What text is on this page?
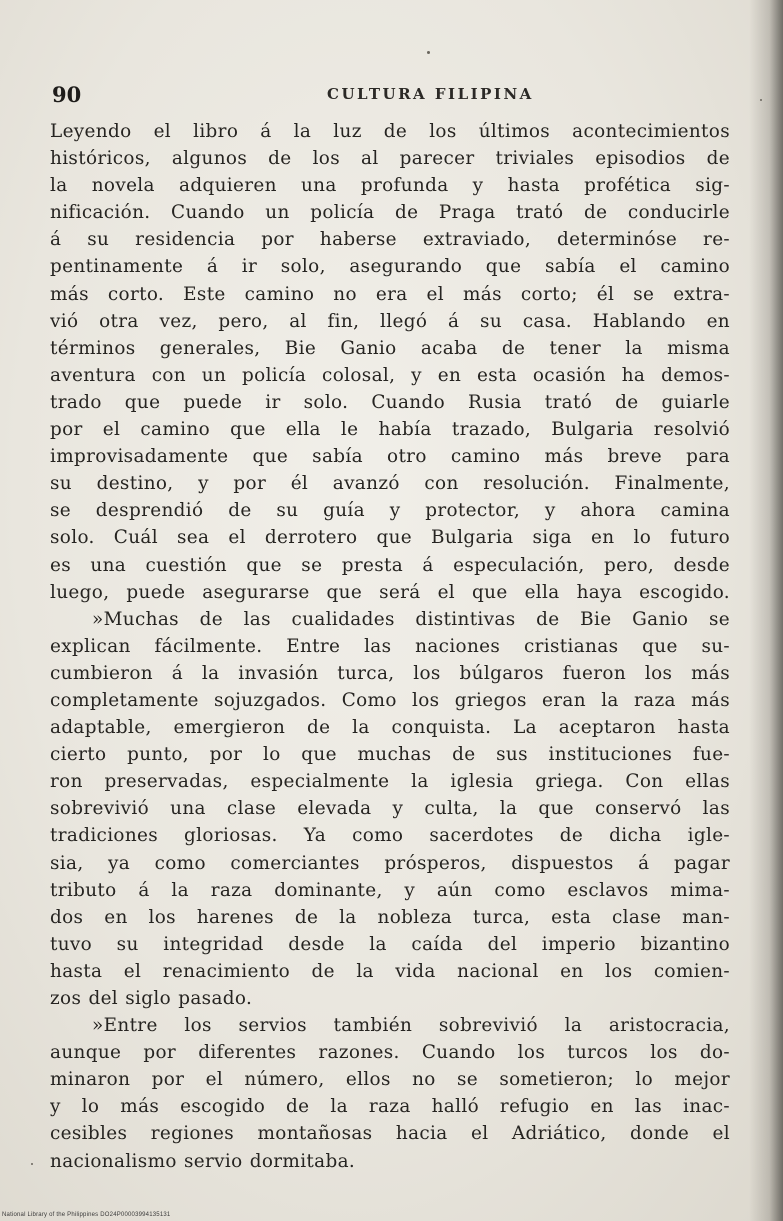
90	CULTURA FILIPINA
Leyendo el libro á la luz de los últimos acontecimientos
históricos, algunos de los al parecer triviales episodios de
la novela adquieren una profunda y hasta profética sig-
nificación. Cuando un policía de Praga trató de conducirle
á su residencia por haberse extraviado, determinóse re-
pentinamente á ir solo, asegurando que sabía el camino
más corto. Este camino no era el más corto; él se extra-
vió otra vez, pero, al fin, llegó á su casa. Hablando en
términos generales, Bie Ganio acaba de tener la misma
aventura con un policía colosal, y en esta ocasión ha demos-
trado que puede ir solo. Cuando Rusia trató de guiarle
por el camino que ella le había trazado, Bulgaria resolvió
improvisadamente que sabía otro camino más breve para
su destino, y por él avanzó con resolución. Finalmente,
se desprendió de su guía y protector, y ahora camina
solo. Cuál sea el derrotero que Bulgaria siga en lo futuro
es una cuestión que se presta á especulación, pero, desde
luego, puede asegurarse que será el que ella haya escogido.
»Muchas de las cualidades distintivas de Bie Ganio se
explican fácilmente. Entre las naciones cristianas que su-
cumbieron á la invasión turca, los búlgaros fueron los más
completamente sojuzgados. Como los griegos eran la raza más
adaptable, emergieron de la conquista. La aceptaron hasta
cierto punto, por lo que muchas de sus instituciones fue-
ron preservadas, especialmente la iglesia griega. Con ellas
sobrevivió una clase elevada y culta, la que conservó las
tradiciones gloriosas. Ya como sacerdotes de dicha igle-
sia, ya como comerciantes prósperos, dispuestos á pagar
tributo á la raza dominante, y aún como esclavos mima-
dos en los harenes de la nobleza turca, esta clase man-
tuvo su integridad desde la caída del imperio bizantino
hasta el renacimiento de la vida nacional en los comien-
zos del siglo pasado.
»Entre los servios también sobrevivió la aristocracia,
aunque por diferentes razones. Cuando los turcos los do-
minaron por el número, ellos no se sometieron; lo mejor
y lo más escogido de la raza halló refugio en las inac-
cesibles regiones montañosas hacia el Adriático, donde el
nacionalismo servio dormitaba.
National Library of the Philippines DO24P00003994135131
